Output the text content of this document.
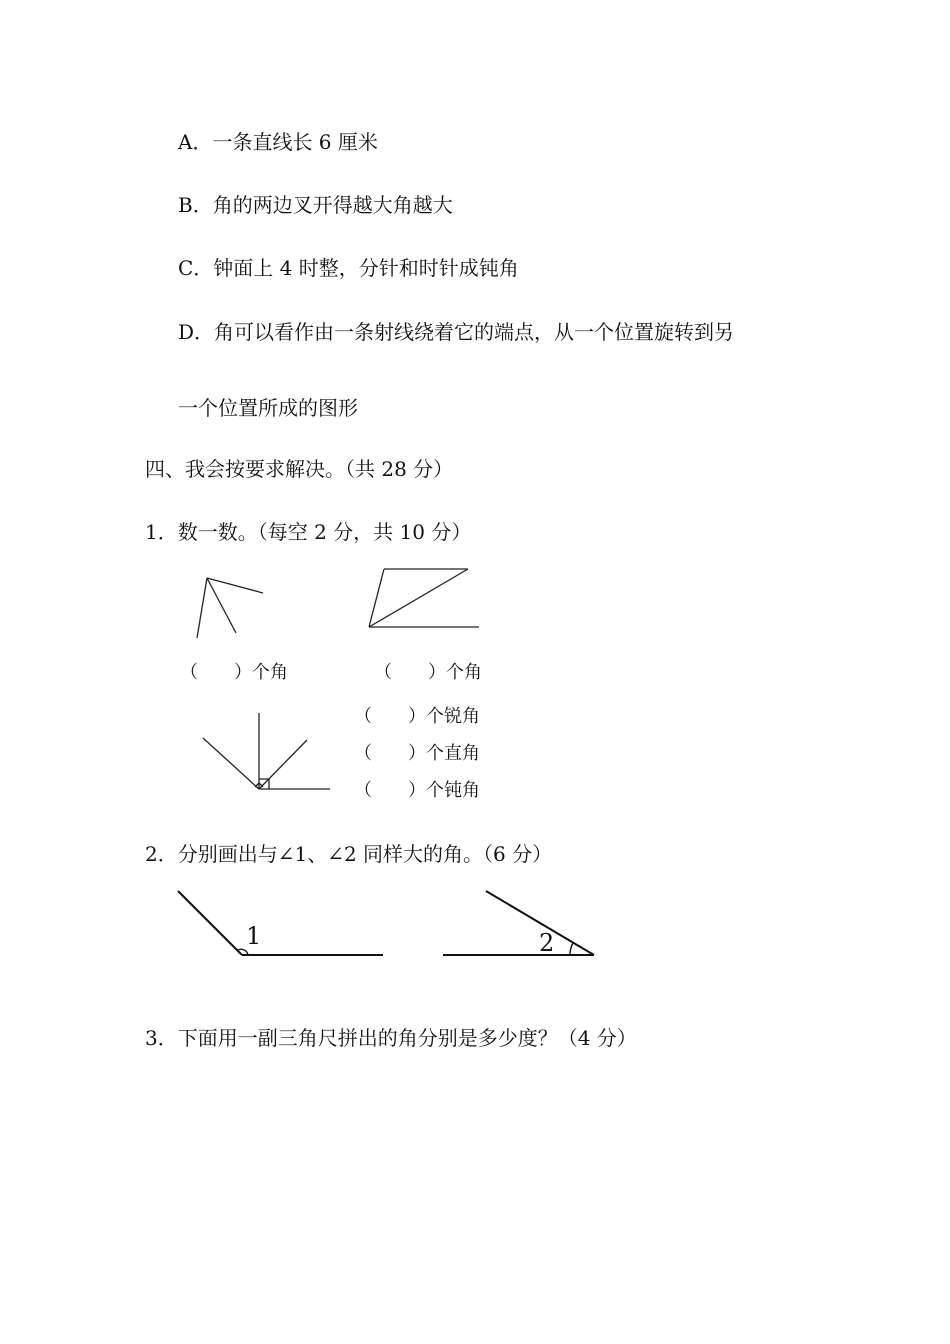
A．一条直线长 6 厘米
B．角的两边叉开得越大角越大
C．钟面上 4 时整，分针和时针成钝角
D．角可以看作由一条射线绕着它的端点，从一个位置旋转到另
一个位置所成的图形
四、我会按要求解决。（共 28 分）
1．数一数。（每空 2 分，共 10 分）
（　　）个角	（　　）个角
（　　）个锐角
（　　）个直角
（　　）个钝角
2．分别画出与∠1、∠2 同样大的角。（6 分）
1	2
3．下面用一副三角尺拼出的角分别是多少度？（4 分）
